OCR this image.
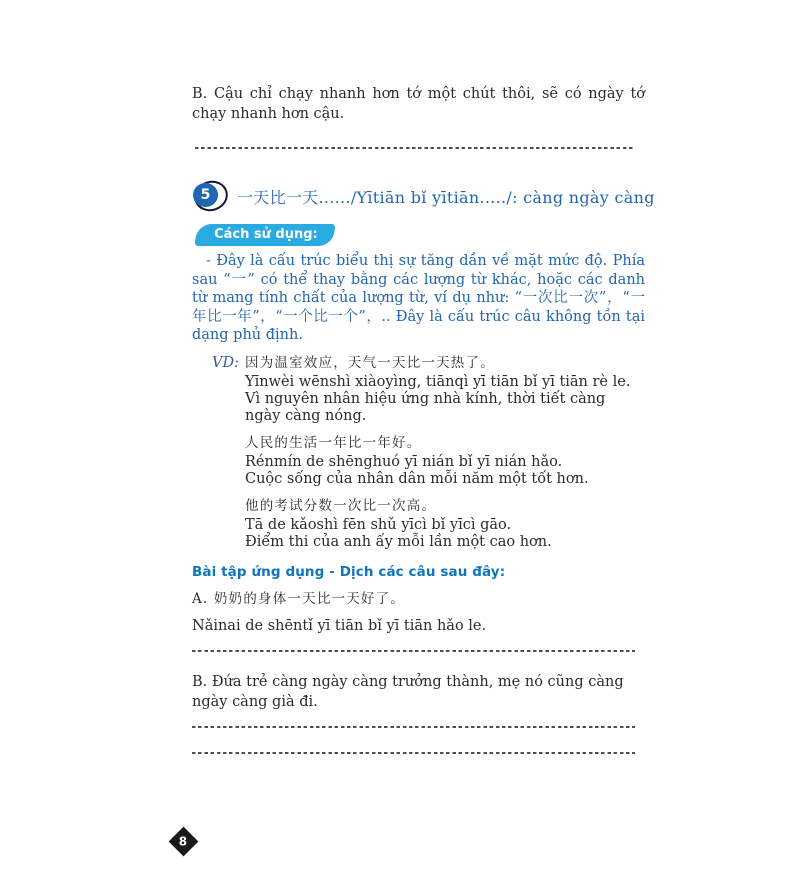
B. Cậu chỉ chạy nhanh hơn tớ một chút thôi, sẽ có ngày tớ chạy nhanh hơn cậu.

5	一天比一天....../Yītiān bǐ yītiān...../: càng ngày càng
Cách sử dụng:

- Đây là cấu trúc biểu thị sự tăng dần về mặt mức độ. Phía sau “一” có thể thay bằng các lượng từ khác, hoặc các danh từ mang tính chất của lượng từ, ví dụ như: “一次比一次”，“一年比一年”，“一个比一个”，.. Đây là cấu trúc câu không tồn tại dạng phủ định.

VD: 因为温室效应，天气一天比一天热了。

Yīnwèi wēnshì xiàoyìng, tiānqì yī tiān bǐ yī tiān rè le.

Vì nguyên nhân hiệu ứng nhà kính, thời tiết càng ngày càng nóng.

人民的生活一年比一年好。

Rénmín de shēnghuó yī nián bǐ yī nián hǎo.

Cuộc sống của nhân dân mỗi năm một tốt hơn.

他的考试分数一次比一次高。

Tā de kǎoshì fēn shǔ yīcì bǐ yīcì gāo.

Điểm thi của anh ấy mỗi lần một cao hơn.

Bài tập ứng dụng - Dịch các câu sau đây:

A. 奶奶的身体一天比一天好了。

Nǎinai de shēntǐ yī tiān bǐ yī tiān hǎo le.

B. Đứa trẻ càng ngày càng trưởng thành, mẹ nó cũng càng ngày càng già đi.

8
